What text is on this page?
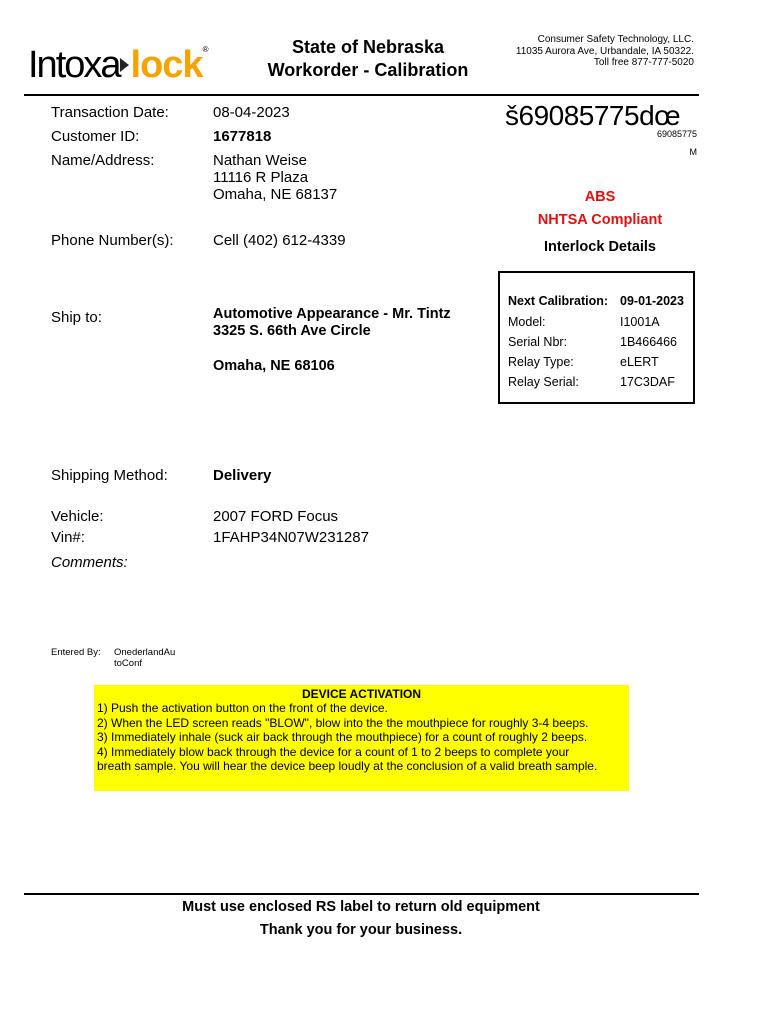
Intoxa lock®	State of Nebraska
Workorder - Calibration
Consumer Safety Technology, LLC.
11035 Aurora Ave, Urbandale, IA 50322.
Toll free 877-777-5020
š69085775dœ
69085775
M
Transaction Date:	08-04-2023
Customer ID:	1677818
Name/Address:	Nathan Weise
11116 R Plaza
Omaha, NE 68137
Phone Number(s):	Cell (402) 612-4339
ABS
NHTSA Compliant
Interlock Details
Next Calibration: 09-01-2023
Model:	I1001A
Serial Nbr:	1B466466
Relay Type:	eLERT
Relay Serial:	17C3DAF
Ship to:	Automotive Appearance - Mr. Tintz
3325 S. 66th Ave Circle
Omaha, NE 68106
Shipping Method:	Delivery
Vehicle:	2007 FORD Focus
Vin#:	1FAHP34N07W231287
Comments:
Entered By: OnederlandAu toConf
DEVICE ACTIVATION
1) Push the activation button on the front of the device.
2) When the LED screen reads "BLOW", blow into the the mouthpiece for roughly 3-4 beeps.
3) Immediately inhale (suck air back through the mouthpiece) for a count of roughly 2 beeps.
4) Immediately blow back through the device for a count of 1 to 2 beeps to complete your
breath sample. You will hear the device beep loudly at the conclusion of a valid breath sample.
Must use enclosed RS label to return old equipment
Thank you for your business.
